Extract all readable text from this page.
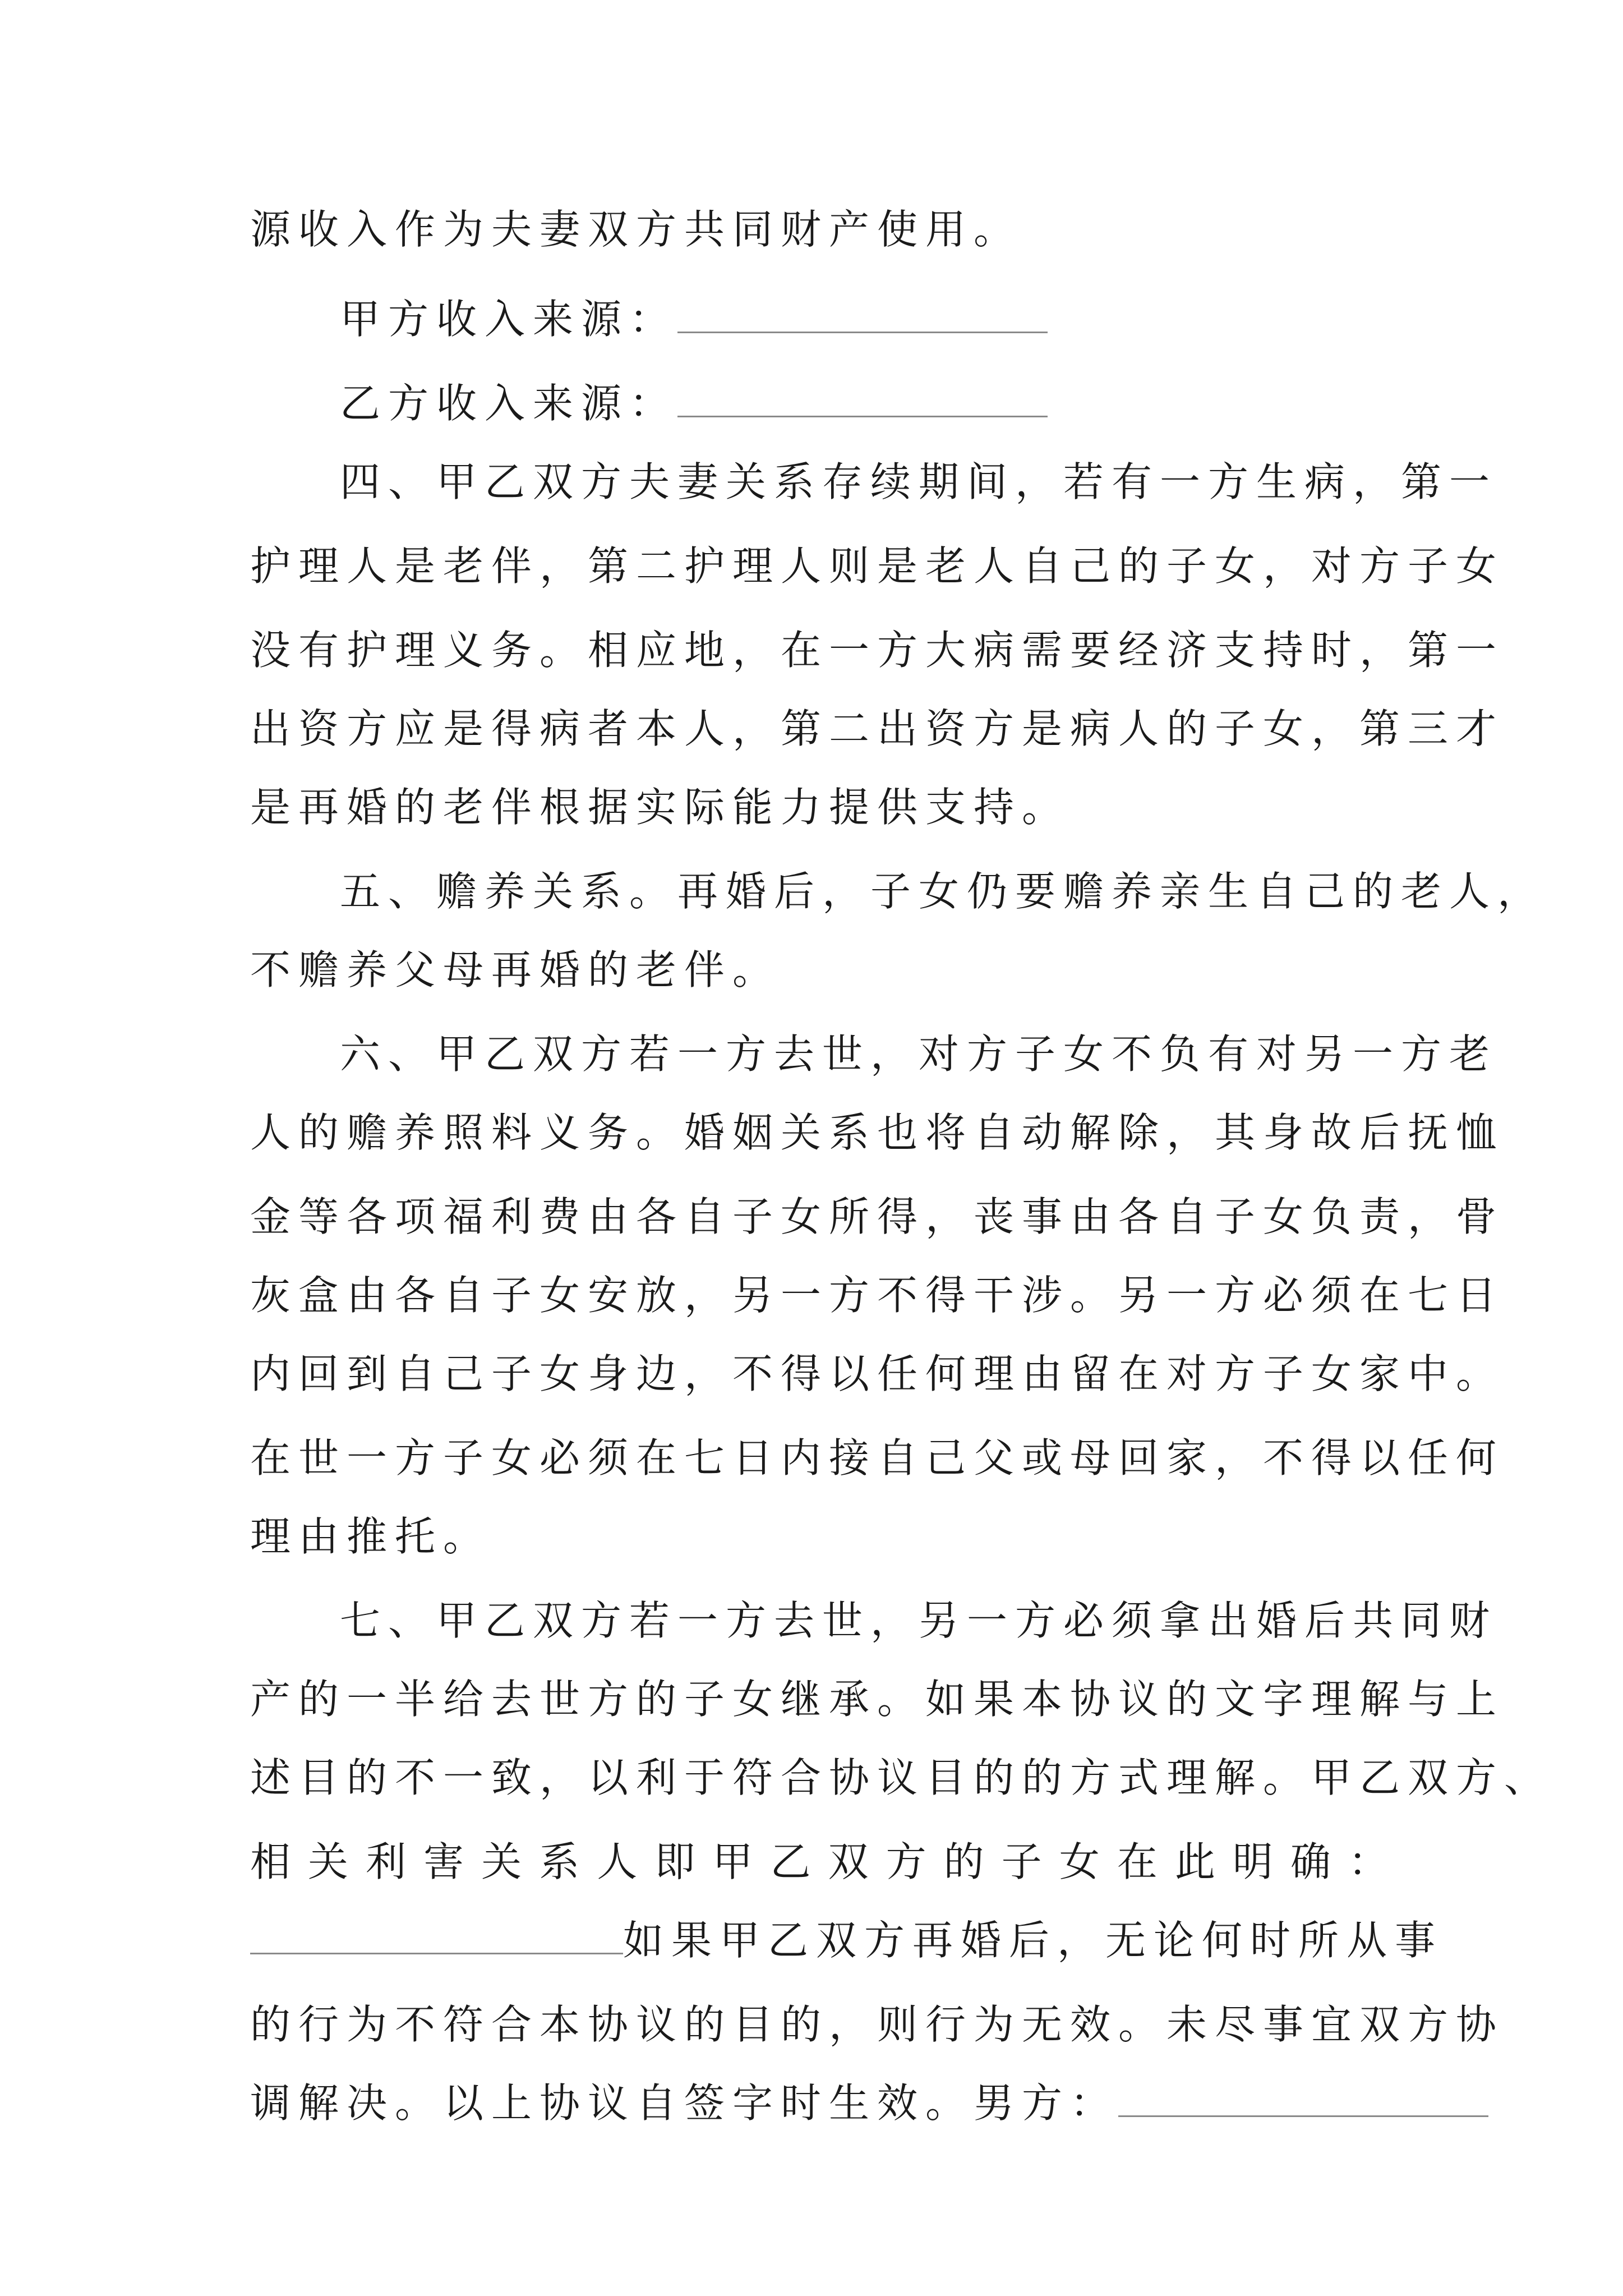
源收入作为夫妻双方共同财产使用。
甲方收入来源：
乙方收入来源：
四、甲乙双方夫妻关系存续期间，若有一方生病，第一
护理人是老伴，第二护理人则是老人自己的子女，对方子女
没有护理义务。相应地，在一方大病需要经济支持时，第一
出资方应是得病者本人，第二出资方是病人的子女，第三才
是再婚的老伴根据实际能力提供支持。
五、赡养关系。再婚后，子女仍要赡养亲生自己的老人，
不赡养父母再婚的老伴。
六、甲乙双方若一方去世，对方子女不负有对另一方老
人的赡养照料义务。婚姻关系也将自动解除，其身故后抚恤
金等各项福利费由各自子女所得，丧事由各自子女负责，骨
灰盒由各自子女安放，另一方不得干涉。另一方必须在七日
内回到自己子女身边，不得以任何理由留在对方子女家中。
在世一方子女必须在七日内接自己父或母回家，不得以任何
理由推托。
七、甲乙双方若一方去世，另一方必须拿出婚后共同财
产的一半给去世方的子女继承。如果本协议的文字理解与上
述目的不一致，以利于符合协议目的的方式理解。甲乙双方、
相关利害关系人即甲乙双方的子女在此明确：
如果甲乙双方再婚后，无论何时所从事
的行为不符合本协议的目的，则行为无效。未尽事宜双方协
调解决。以上协议自签字时生效。男方：
